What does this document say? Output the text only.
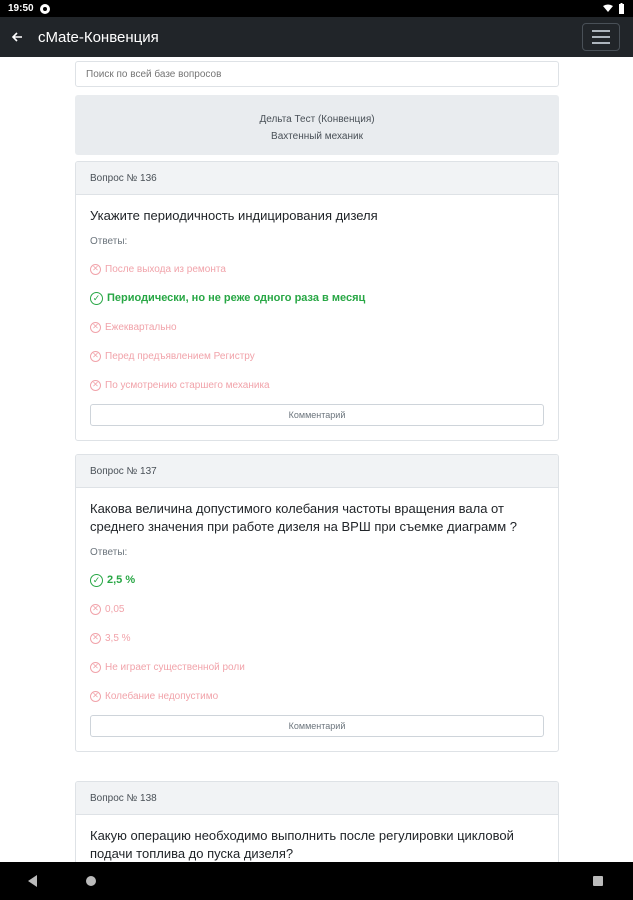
19:50
cMate-Конвенция
Поиск по всей базе вопросов
Дельта Тест (Конвенция)
Вахтенный механик
Вопрос № 136
Укажите периодичность индицирования дизеля
Ответы:
✕ После выхода из ремонта
✓ Периодически, но не реже одного раза в месяц
✕ Ежеквартально
✕ Перед предъявлением Регистру
✕ По усмотрению старшего механика
Комментарий
Вопрос № 137
Какова величина допустимого колебания частоты вращения вала от среднего значения при работе дизеля на ВРШ при съемке диаграмм ?
Ответы:
✓ 2,5 %
✕ 0,05
✕ 3,5 %
✕ Не играет существенной роли
✕ Колебание недопустимо
Комментарий
Вопрос № 138
Какую операцию необходимо выполнить после регулировки цикловой подачи топлива до пуска дизеля?
